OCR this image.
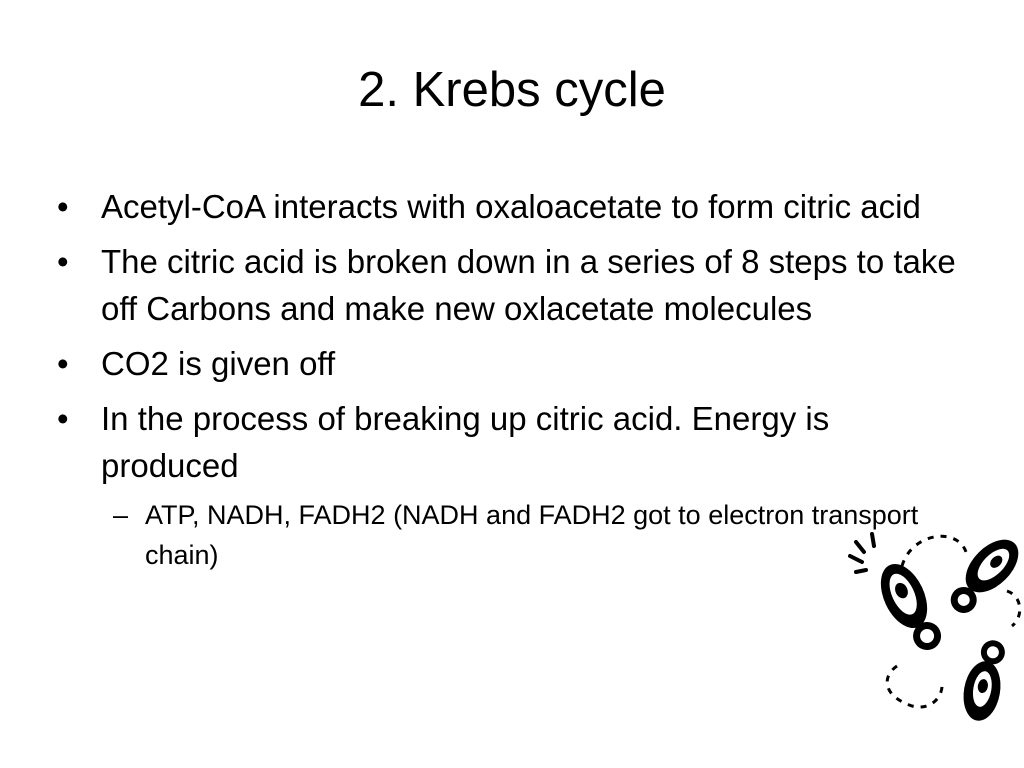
2. Krebs cycle
• Acetyl-CoA interacts with oxaloacetate to form citric acid
• The citric acid is broken down in a series of 8 steps to take off Carbons and make new oxlacetate molecules
• CO2 is given off
• In the process of breaking up citric acid. Energy is produced
– ATP, NADH, FADH2 (NADH and FADH2 got to electron transport chain)
